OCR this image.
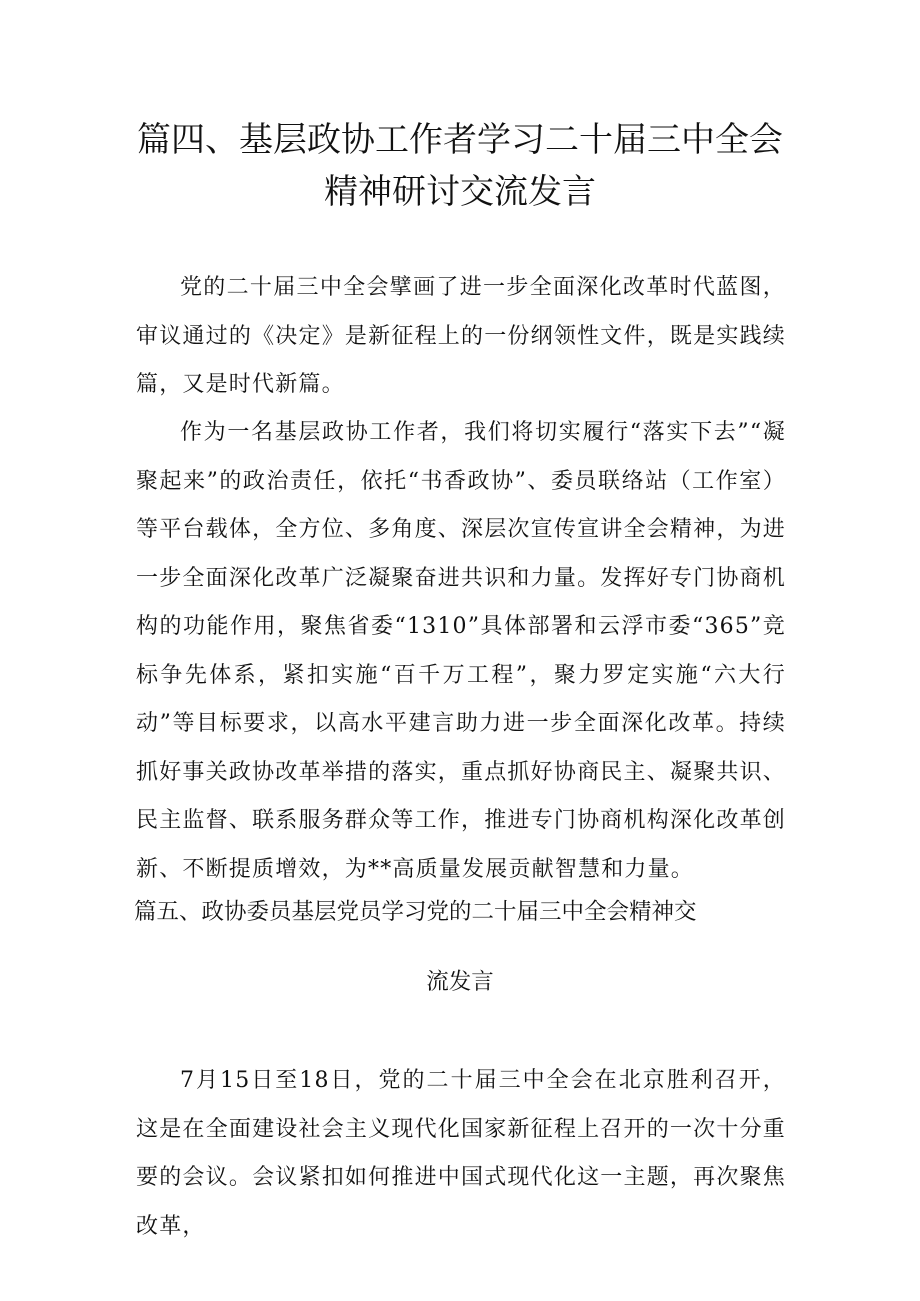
篇四、基层政协工作者学习二十届三中全会
精神研讨交流发言

党的二十届三中全会擘画了进一步全面深化改革时代蓝图，审议通过的《决定》是新征程上的一份纲领性文件，既是实践续篇，又是时代新篇。

作为一名基层政协工作者，我们将切实履行“落实下去”“凝聚起来”的政治责任，依托“书香政协”、委员联络站（工作室）等平台载体，全方位、多角度、深层次宣传宣讲全会精神，为进一步全面深化改革广泛凝聚奋进共识和力量。发挥好专门协商机构的功能作用，聚焦省委“1310”具体部署和云浮市委“365”竞标争先体系，紧扣实施“百千万工程”，聚力罗定实施“六大行动”等目标要求，以高水平建言助力进一步全面深化改革。持续抓好事关政协改革举措的落实，重点抓好协商民主、凝聚共识、民主监督、联系服务群众等工作，推进专门协商机构深化改革创新、不断提质增效，为**高质量发展贡献智慧和力量。

篇五、政协委员基层党员学习党的二十届三中全会精神交
流发言

7月15日至18日，党的二十届三中全会在北京胜利召开，这是在全面建设社会主义现代化国家新征程上召开的一次十分重要的会议。会议紧扣如何推进中国式现代化这一主题，再次聚焦改革，
